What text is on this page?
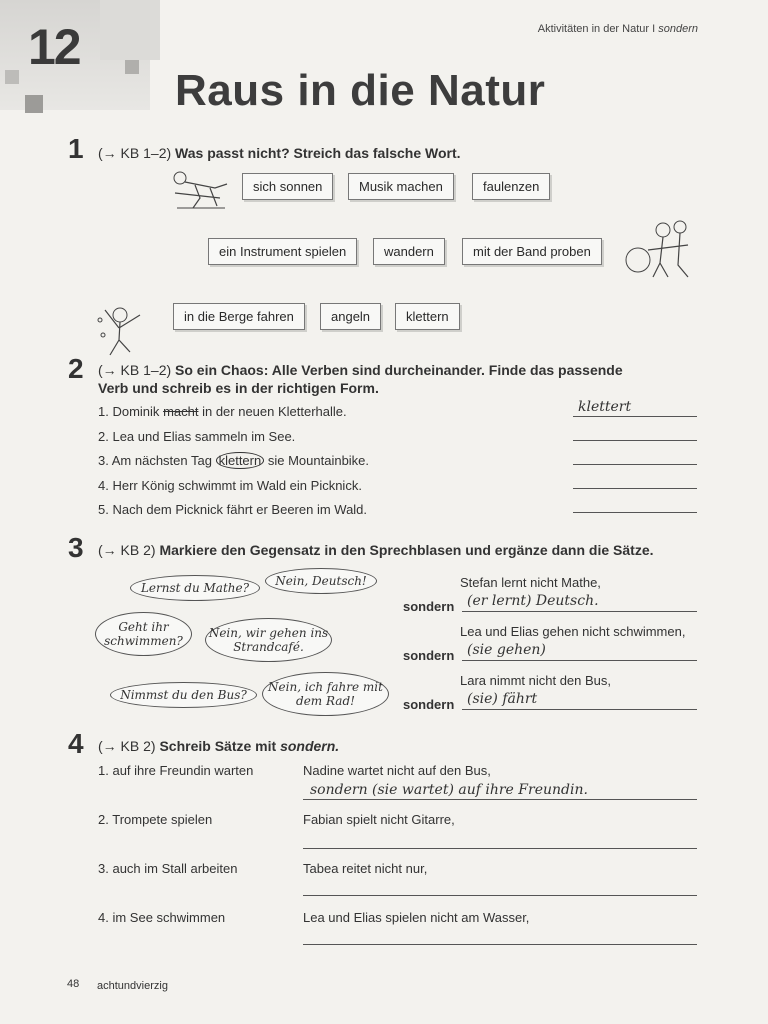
12	Aktivitäten in der Natur I sondern
Raus in die Natur
1 (→ KB 1–2) Was passt nicht? Streich das falsche Wort.
sich sonnen	Musik machen	faulenzen
ein Instrument spielen	wandern	mit der Band proben
in die Berge fahren	angeln	klettern
2 (→ KB 1–2) So ein Chaos: Alle Verben sind durcheinander. Finde das passende
Verb und schreib es in der richtigen Form.
1. Dominik macht in der neuen Kletterhalle.	klettert
2. Lea und Elias sammeln im See.
3. Am nächsten Tag klettern sie Mountainbike.
4. Herr König schwimmt im Wald ein Picknick.
5. Nach dem Picknick fährt er Beeren im Wald.
3 (→ KB 2) Markiere den Gegensatz in den Sprechblasen und ergänze dann die Sätze.
Lernst du Mathe?	Nein, Deutsch!
Geht ihr schwimmen?
Nein, wir gehen ins Strandcafé.
Nimmst du den Bus?
Nein, ich fahre mit dem Rad!
Stefan lernt nicht Mathe,
sondern (er lernt) Deutsch.
Lea und Elias gehen nicht schwimmen,
sondern (sie gehen)
Lara nimmt nicht den Bus,
sondern (sie) fährt
4 (→ KB 2) Schreib Sätze mit sondern.
1. auf ihre Freundin warten	Nadine wartet nicht auf den Bus,
sondern (sie wartet) auf ihre Freundin.
2. Trompete spielen	Fabian spielt nicht Gitarre,
3. auch im Stall arbeiten	Tabea reitet nicht nur,
4. im See schwimmen	Lea und Elias spielen nicht am Wasser,
48 achtundvierzig
